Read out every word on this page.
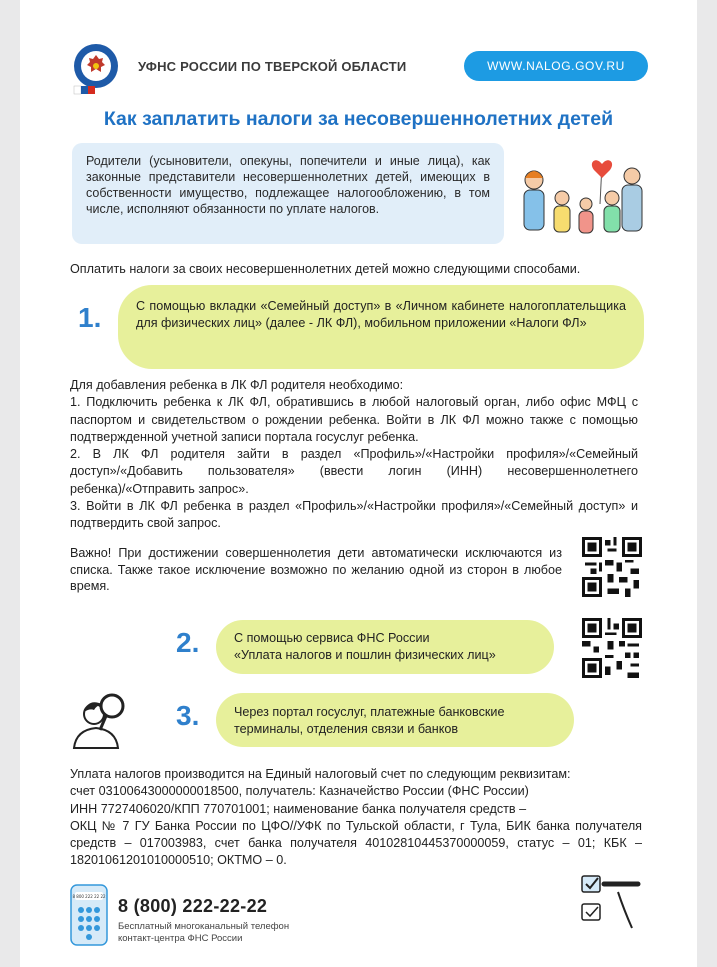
УФНС РОССИИ ПО ТВЕРСКОЙ ОБЛАСТИ	WWW.NALOG.GOV.RU
Как заплатить налоги за несовершеннолетних детей
Родители (усыновители, опекуны, попечители и иные лица), как законные представители несовершеннолетних детей, имеющих в собственности имущество, подлежащее налогообложению, в том числе, исполняют обязанности по уплате налогов.
Оплатить налоги за своих несовершеннолетних детей можно следующими способами.
1.	С помощью вкладки «Семейный доступ» в «Личном кабинете налогоплательщика для физических лиц» (далее - ЛК ФЛ), мобильном приложении «Налоги ФЛ»

Для добавления ребенка в ЛК ФЛ родителя необходимо:

1. Подключить ребенка к ЛК ФЛ, обратившись в любой налоговый орган, либо офис МФЦ с паспортом и свидетельством о рождении ребенка. Войти в ЛК ФЛ можно также с помощью подтвержденной учетной записи портала госуслуг ребенка.

2. В ЛК ФЛ родителя зайти в раздел «Профиль»/«Настройки профиля»/«Семейный доступ»/«Добавить пользователя» (ввести логин (ИНН) несовершеннолетнего ребенка)/«Отправить запрос».

3. Войти в ЛК ФЛ ребенка в раздел «Профиль»/«Настройки профиля»/«Семейный доступ» и подтвердить свой запрос.

Важно! При достижении совершеннолетия дети автоматически исключаются из списка. Также такое исключение возможно по желанию одной из сторон в любое время.
2.	С помощью сервиса ФНС России
«Уплата налогов и пошлин физических лиц»
3.	Через портал госуслуг, платежные банковские
терминалы, отделения связи и банков

Уплата налогов производится на Единый налоговый счет по следующим реквизитам:

счет 03100643000000018500, получатель: Казначейство России (ФНС России)

ИНН 7727406020/КПП 770701001; наименование банка получателя средств –

ОКЦ № 7 ГУ Банка России по ЦФО//УФК по Тульской области, г Тула, БИК банка получателя средств – 017003983, счет банка получателя 40102810445370000059, статус – 01; КБК – 18201061201010000510; ОКТМО – 0.

8 800 222 22 22 8 (800) 222-22-22
Бесплатный многоканальный телефон
контакт-центра ФНС России
